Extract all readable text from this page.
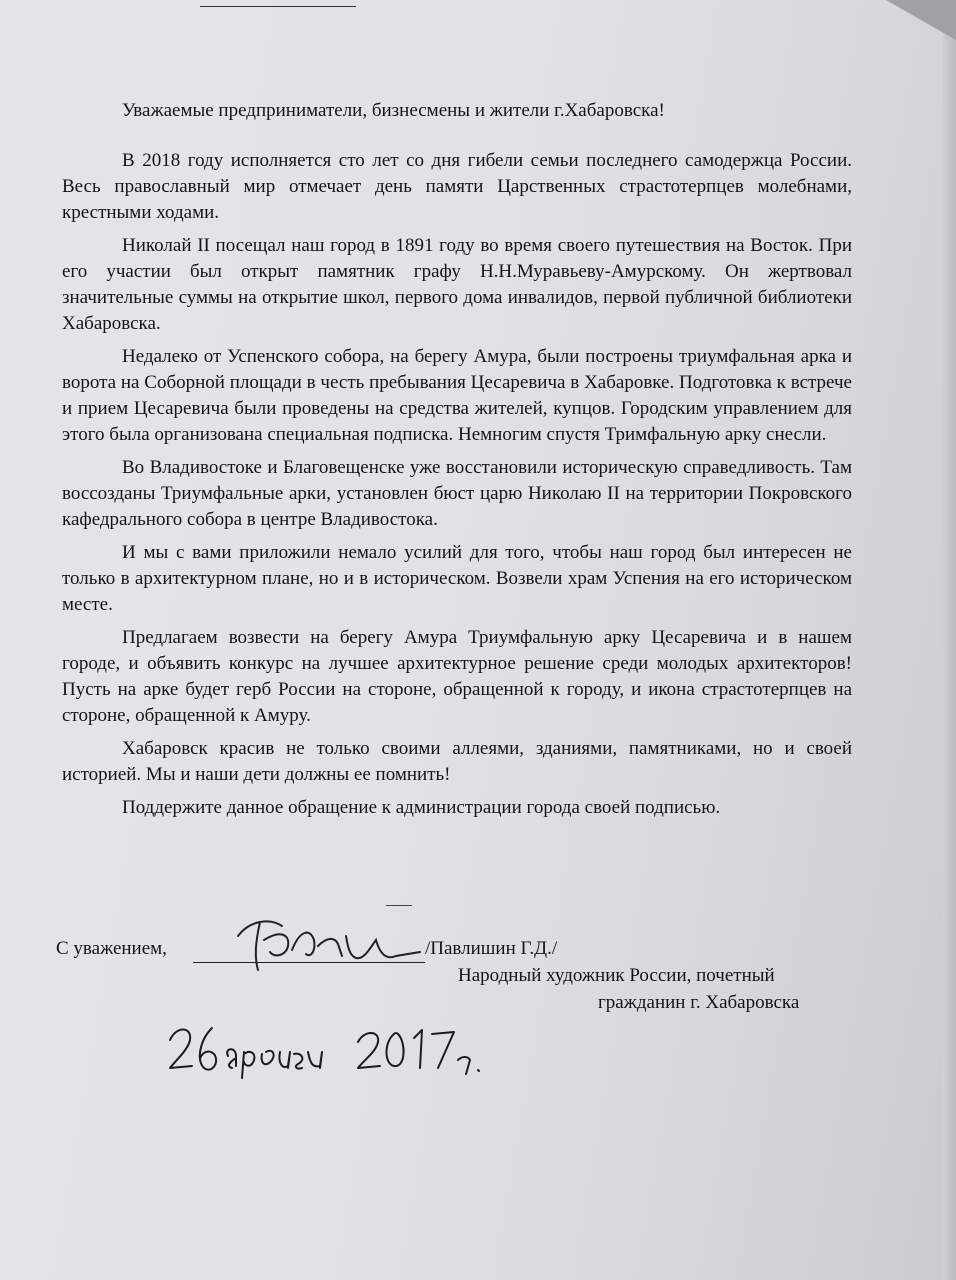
Уважаемые предприниматели, бизнесмены и жители г.Хабаровска!

В 2018 году исполняется сто лет со дня гибели семьи последнего самодержца России. Весь православный мир отмечает день памяти Царственных страстотерпцев молебнами, крестными ходами.

Николай II посещал наш город в 1891 году во время своего путешествия на Восток. При его участии был открыт памятник графу Н.Н.Муравьеву-Амурскому. Он жертвовал значительные суммы на открытие школ, первого дома инвалидов, первой публичной библиотеки Хабаровска.

Недалеко от Успенского собора, на берегу Амура, были построены триумфальная арка и ворота на Соборной площади в честь пребывания Цесаревича в Хабаровке. Подготовка к встрече и прием Цесаревича были проведены на средства жителей, купцов. Городским управлением для этого была организована специальная подписка. Немногим спустя Тримфальную арку снесли.

Во Владивостоке и Благовещенске уже восстановили историческую справедливость. Там воссозданы Триумфальные арки, установлен бюст царю Николаю II на территории Покровского кафедрального собора в центре Владивостока.

И мы с вами приложили немало усилий для того, чтобы наш город был интересен не только в архитектурном плане, но и в историческом. Возвели храм Успения на его историческом месте.

Предлагаем возвести на берегу Амура Триумфальную арку Цесаревича и в нашем городе, и объявить конкурс на лучшее архитектурное решение среди молодых архитекторов! Пусть на арке будет герб России на стороне, обращенной к городу, и икона страстотерпцев на стороне, обращенной к Амуру.

Хабаровск красив не только своими аллеями, зданиями, памятниками, но и своей историей. Мы и наши дети должны ее помнить!

Поддержите данное обращение к администрации города своей подписью.

С уважением,	/Павлишин Г.Д./
Народный художник России, почетный
гражданин г. Хабаровска
